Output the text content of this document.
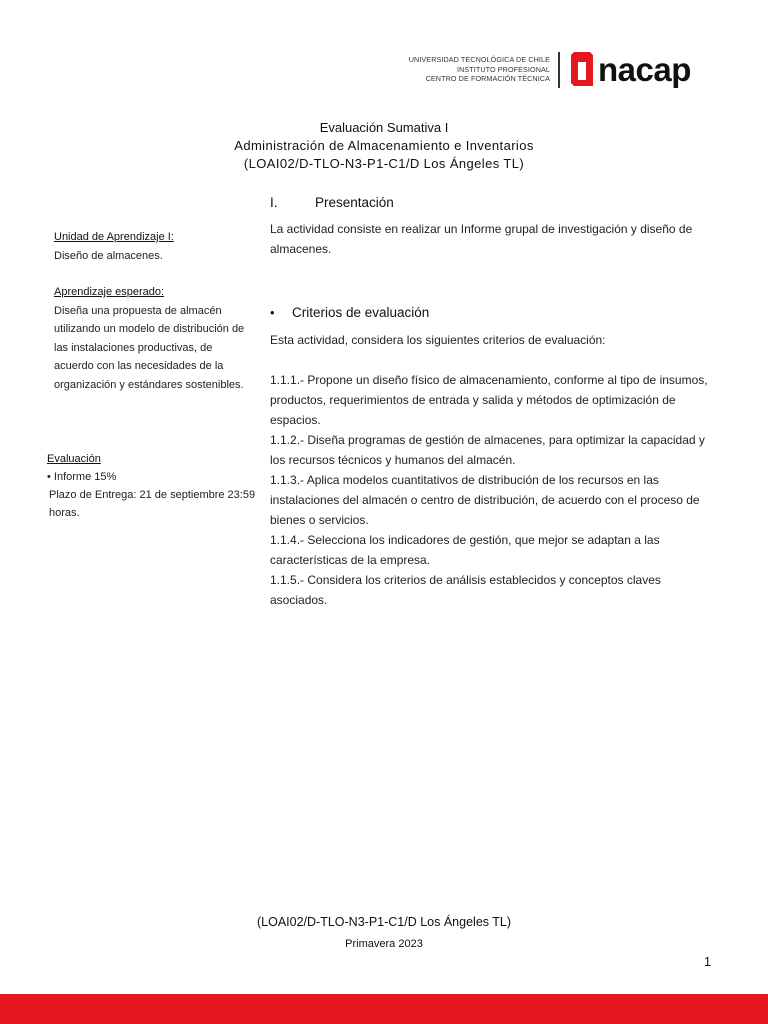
UNIVERSIDAD TECNOLÓGICA DE CHILE
INSTITUTO PROFESIONAL
CENTRO DE FORMACIÓN TÉCNICA nacap
Evaluación Sumativa I
Administración de Almacenamiento e Inventarios
(LOAI02/D-TLO-N3-P1-C1/D Los Ángeles TL)
I.	Presentación
La actividad consiste en realizar un Informe grupal de investigación y diseño de almacenes.
• Criterios de evaluación
Esta actividad, considera los siguientes criterios de evaluación:

1.1.1.- Propone un diseño físico de almacenamiento, conforme al tipo de insumos, productos, requerimientos de entrada y salida y métodos de optimización de espacios.

1.1.2.- Diseña programas de gestión de almacenes, para optimizar la capacidad y los recursos técnicos y humanos del almacén.

1.1.3.- Aplica modelos cuantitativos de distribución de los recursos en las instalaciones del almacén o centro de distribución, de acuerdo con el proceso de bienes o servicios.

1.1.4.- Selecciona los indicadores de gestión, que mejor se adaptan a las características de la empresa.

1.1.5.- Considera los criterios de análisis establecidos y conceptos claves asociados.

Unidad de Aprendizaje I:
Diseño de almacenes.
Aprendizaje esperado:
Diseña una propuesta de almacén utilizando un modelo de distribución de las instalaciones productivas, de acuerdo con las necesidades de la organización y estándares sostenibles.
Evaluación
• Informe 15%
Plazo de Entrega: 21 de septiembre 23:59 horas.
(LOAI02/D-TLO-N3-P1-C1/D Los Ángeles TL)
Primavera 2023
1
